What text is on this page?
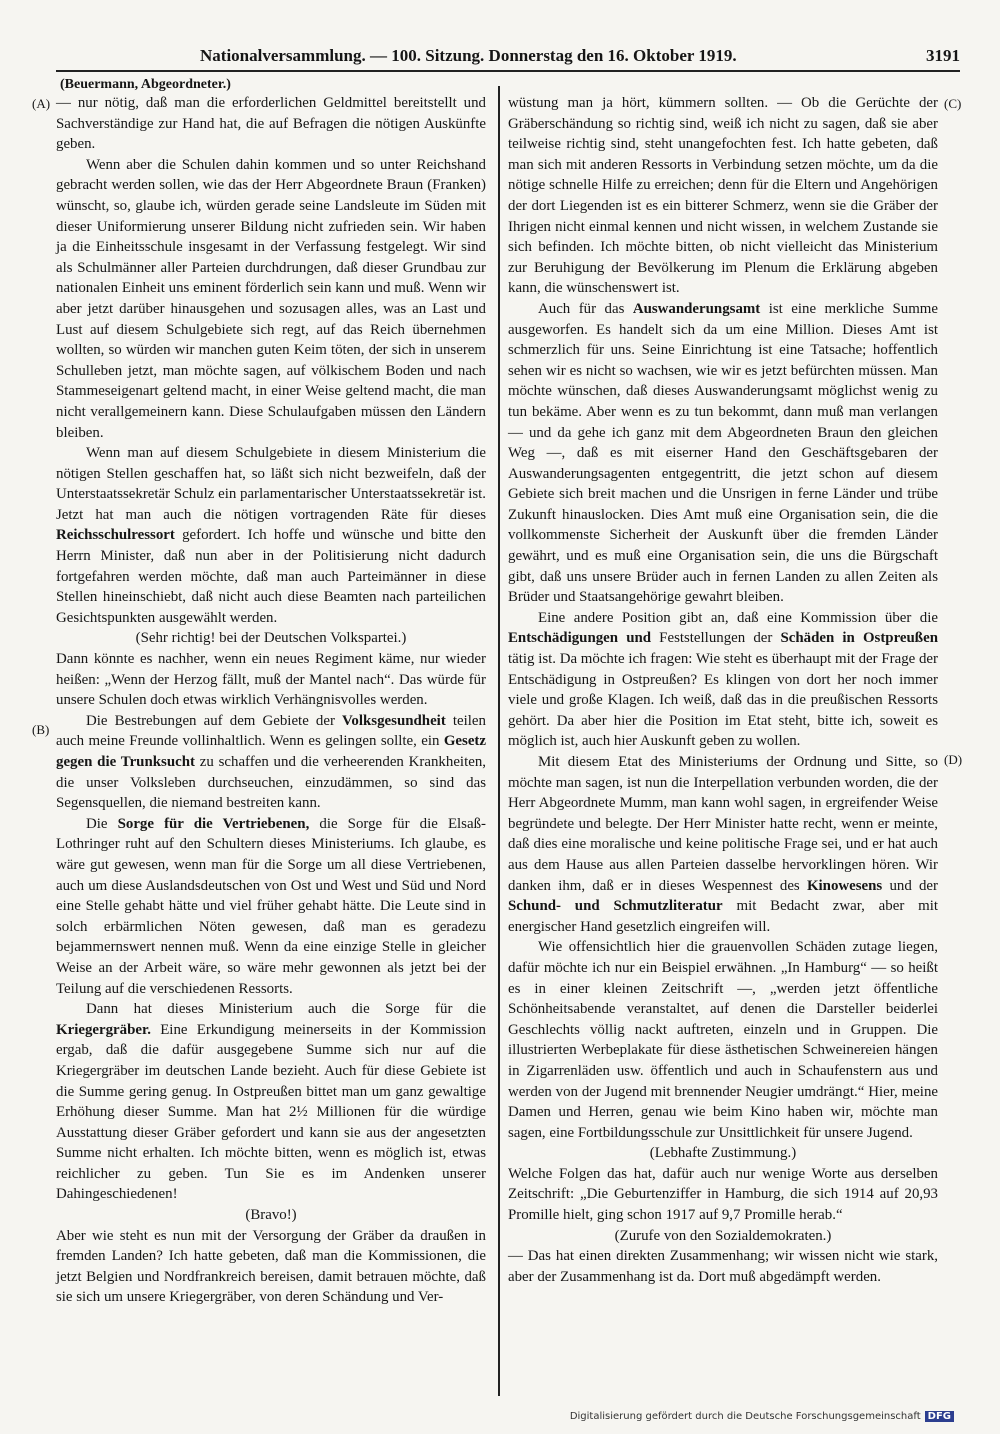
Nationalversammlung. — 100. Sitzung. Donnerstag den 16. Oktober 1919.	3191
(Beuermann, Abgeordneter.)
(A)
(B)
(C)
(D)

— nur nötig, daß man die erforderlichen Geldmittel bereitstellt und Sachverständige zur Hand hat, die auf Befragen die nötigen Auskünfte geben.

Wenn aber die Schulen dahin kommen und so unter Reichshand gebracht werden sollen, wie das der Herr Abgeordnete Braun (Franken) wünscht, so, glaube ich, würden gerade seine Landsleute im Süden mit dieser Uniformierung unserer Bildung nicht zufrieden sein. Wir haben ja die Einheitsschule insgesamt in der Verfassung festgelegt. Wir sind als Schulmänner aller Parteien durchdrungen, daß dieser Grundbau zur nationalen Einheit uns eminent förderlich sein kann und muß. Wenn wir aber jetzt darüber hinausgehen und sozusagen alles, was an Last und Lust auf diesem Schulgebiete sich regt, auf das Reich übernehmen wollten, so würden wir manchen guten Keim töten, der sich in unserem Schulleben jetzt, man möchte sagen, auf völkischem Boden und nach Stammeseigenart geltend macht, in einer Weise geltend macht, die man nicht verallgemeinern kann. Diese Schulaufgaben müssen den Ländern bleiben.

Wenn man auf diesem Schulgebiete in diesem Ministerium die nötigen Stellen geschaffen hat, so läßt sich nicht bezweifeln, daß der Unterstaatssekretär Schulz ein parlamentarischer Unterstaatssekretär ist. Jetzt hat man auch die nötigen vortragenden Räte für dieses Reichsschulressort gefordert. Ich hoffe und wünsche und bitte den Herrn Minister, daß nun aber in der Politisierung nicht dadurch fortgefahren werden möchte, daß man auch Parteimänner in diese Stellen hineinschiebt, daß nicht auch diese Beamten nach parteilichen Gesichtspunkten ausgewählt werden.

(Sehr richtig! bei der Deutschen Volkspartei.)

Dann könnte es nachher, wenn ein neues Regiment käme, nur wieder heißen: „Wenn der Herzog fällt, muß der Mantel nach“. Das würde für unsere Schulen doch etwas wirklich Verhängnisvolles werden.

Die Bestrebungen auf dem Gebiete der Volksgesundheit teilen auch meine Freunde vollinhaltlich. Wenn es gelingen sollte, ein Gesetz gegen die Trunksucht zu schaffen und die verheerenden Krankheiten, die unser Volksleben durchseuchen, einzudämmen, so sind das Segensquellen, die niemand bestreiten kann.

Die Sorge für die Vertriebenen, die Sorge für die Elsaß-Lothringer ruht auf den Schultern dieses Ministeriums. Ich glaube, es wäre gut gewesen, wenn man für die Sorge um all diese Vertriebenen, auch um diese Auslandsdeutschen von Ost und West und Süd und Nord eine Stelle gehabt hätte und viel früher gehabt hätte. Die Leute sind in solch erbärmlichen Nöten gewesen, daß man es geradezu bejammernswert nennen muß. Wenn da eine einzige Stelle in gleicher Weise an der Arbeit wäre, so wäre mehr gewonnen als jetzt bei der Teilung auf die verschiedenen Ressorts.

Dann hat dieses Ministerium auch die Sorge für die Kriegergräber. Eine Erkundigung meinerseits in der Kommission ergab, daß die dafür ausgegebene Summe sich nur auf die Kriegergräber im deutschen Lande bezieht. Auch für diese Gebiete ist die Summe gering genug. In Ostpreußen bittet man um ganz gewaltige Erhöhung dieser Summe. Man hat 2½ Millionen für die würdige Ausstattung dieser Gräber gefordert und kann sie aus der angesetzten Summe nicht erhalten. Ich möchte bitten, wenn es möglich ist, etwas reichlicher zu geben. Tun Sie es im Andenken unserer Dahingeschiedenen!

(Bravo!)

Aber wie steht es nun mit der Versorgung der Gräber da draußen in fremden Landen? Ich hatte gebeten, daß man die Kommissionen, die jetzt Belgien und Nordfrankreich bereisen, damit betrauen möchte, daß sie sich um unsere Kriegergräber, von deren Schändung und Ver-

wüstung man ja hört, kümmern sollten. — Ob die Gerüchte der Gräberschändung so richtig sind, weiß ich nicht zu sagen, daß sie aber teilweise richtig sind, steht unangefochten fest. Ich hatte gebeten, daß man sich mit anderen Ressorts in Verbindung setzen möchte, um da die nötige schnelle Hilfe zu erreichen; denn für die Eltern und Angehörigen der dort Liegenden ist es ein bitterer Schmerz, wenn sie die Gräber der Ihrigen nicht einmal kennen und nicht wissen, in welchem Zustande sie sich befinden. Ich möchte bitten, ob nicht vielleicht das Ministerium zur Beruhigung der Bevölkerung im Plenum die Erklärung abgeben kann, die wünschenswert ist.

Auch für das Auswanderungsamt ist eine merkliche Summe ausgeworfen. Es handelt sich da um eine Million. Dieses Amt ist schmerzlich für uns. Seine Einrichtung ist eine Tatsache; hoffentlich sehen wir es nicht so wachsen, wie wir es jetzt befürchten müssen. Man möchte wünschen, daß dieses Auswanderungsamt möglichst wenig zu tun bekäme. Aber wenn es zu tun bekommt, dann muß man verlangen — und da gehe ich ganz mit dem Abgeordneten Braun den gleichen Weg —, daß es mit eiserner Hand den Geschäftsgebaren der Auswanderungsagenten entgegentritt, die jetzt schon auf diesem Gebiete sich breit machen und die Unsrigen in ferne Länder und trübe Zukunft hinauslocken. Dies Amt muß eine Organisation sein, die die vollkommenste Sicherheit der Auskunft über die fremden Länder gewährt, und es muß eine Organisation sein, die uns die Bürgschaft gibt, daß uns unsere Brüder auch in fernen Landen zu allen Zeiten als Brüder und Staatsangehörige gewahrt bleiben.

Eine andere Position gibt an, daß eine Kommission über die Entschädigungen und Feststellungen der Schäden in Ostpreußen tätig ist. Da möchte ich fragen: Wie steht es überhaupt mit der Frage der Entschädigung in Ostpreußen? Es klingen von dort her noch immer viele und große Klagen. Ich weiß, daß das in die preußischen Ressorts gehört. Da aber hier die Position im Etat steht, bitte ich, soweit es möglich ist, auch hier Auskunft geben zu wollen.

Mit diesem Etat des Ministeriums der Ordnung und Sitte, so möchte man sagen, ist nun die Interpellation verbunden worden, die der Herr Abgeordnete Mumm, man kann wohl sagen, in ergreifender Weise begründete und belegte. Der Herr Minister hatte recht, wenn er meinte, daß dies eine moralische und keine politische Frage sei, und er hat auch aus dem Hause aus allen Parteien dasselbe hervorklingen hören. Wir danken ihm, daß er in dieses Wespennest des Kinowesens und der Schund- und Schmutzliteratur mit Bedacht zwar, aber mit energischer Hand gesetzlich eingreifen will.

Wie offensichtlich hier die grauenvollen Schäden zutage liegen, dafür möchte ich nur ein Beispiel erwähnen. „In Hamburg“ — so heißt es in einer kleinen Zeitschrift —, „werden jetzt öffentliche Schönheitsabende veranstaltet, auf denen die Darsteller beiderlei Geschlechts völlig nackt auftreten, einzeln und in Gruppen. Die illustrierten Werbeplakate für diese ästhetischen Schweinereien hängen in Zigarrenläden usw. öffentlich und auch in Schaufenstern aus und werden von der Jugend mit brennender Neugier umdrängt.“ Hier, meine Damen und Herren, genau wie beim Kino haben wir, möchte man sagen, eine Fortbildungsschule zur Unsittlichkeit für unsere Jugend.

(Lebhafte Zustimmung.)

Welche Folgen das hat, dafür auch nur wenige Worte aus derselben Zeitschrift: „Die Geburtenziffer in Hamburg, die sich 1914 auf 20,93 Promille hielt, ging schon 1917 auf 9,7 Promille herab.“

(Zurufe von den Sozialdemokraten.)

— Das hat einen direkten Zusammenhang; wir wissen nicht wie stark, aber der Zusammenhang ist da. Dort muß abgedämpft werden.

Digitalisierung gefördert durch die Deutsche Forschungsgemeinschaft DFG
